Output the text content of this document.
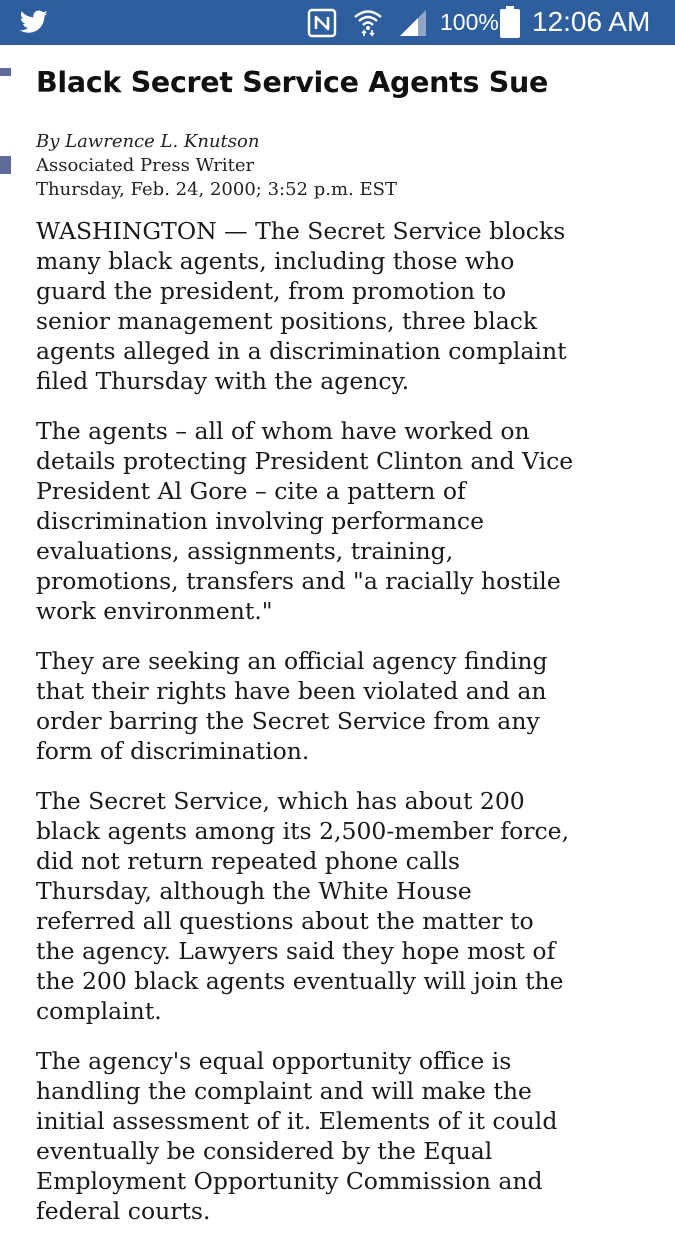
100% 12:06 AM
Black Secret Service Agents Sue
By Lawrence L. Knutson
Associated Press Writer
Thursday, Feb. 24, 2000; 3:52 p.m. EST

WASHINGTON — The Secret Service blocks
many black agents, including those who
guard the president, from promotion to
senior management positions, three black
agents alleged in a discrimination complaint
filed Thursday with the agency.

The agents – all of whom have worked on
details protecting President Clinton and Vice
President Al Gore – cite a pattern of
discrimination involving performance
evaluations, assignments, training,
promotions, transfers and "a racially hostile
work environment."

They are seeking an official agency finding
that their rights have been violated and an
order barring the Secret Service from any
form of discrimination.

The Secret Service, which has about 200
black agents among its 2,500-member force,
did not return repeated phone calls
Thursday, although the White House
referred all questions about the matter to
the agency. Lawyers said they hope most of
the 200 black agents eventually will join the
complaint.

The agency's equal opportunity office is
handling the complaint and will make the
initial assessment of it. Elements of it could
eventually be considered by the Equal
Employment Opportunity Commission and
federal courts.
